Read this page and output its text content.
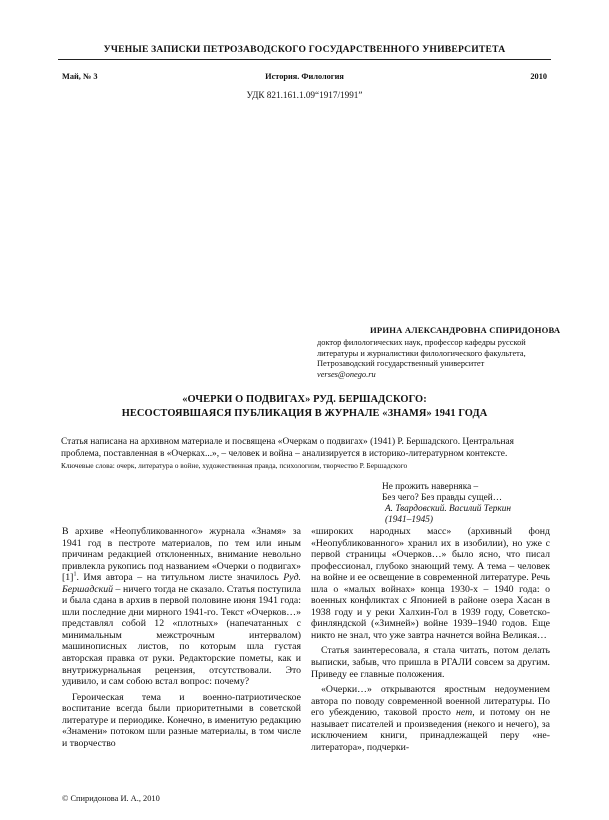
УЧЕНЫЕ ЗАПИСКИ ПЕТРОЗАВОДСКОГО ГОСУДАРСТВЕННОГО УНИВЕРСИТЕТА
Май, № 3	История. Филология	2010
УДК 821.161.1.09“1917/1991”
ИРИНА АЛЕКСАНДРОВНА СПИРИДОНОВА
доктор филологических наук, профессор кафедры русской
литературы и журналистики филологического факультета,
Петрозаводский государственный университет
verses@onego.ru
«ОЧЕРКИ О ПОДВИГАХ» РУД. БЕРШАДСКОГО:
НЕСОСТОЯВШАЯСЯ ПУБЛИКАЦИЯ В ЖУРНАЛЕ «ЗНАМЯ» 1941 ГОДА
Статья написана на архивном материале и посвящена «Очеркам о подвигах» (1941) Р. Бершадского. Центральная проблема, поставленная в «Очерках...», – человек и война – анализируется в историко-литературном контексте.
Ключевые слова: очерк, литература о войне, художественная правда, психологизм, творчество Р. Бершадского
Не прожить наверняка –
Без чего? Без правды сущей…
А. Твардовский. Василий Теркин
(1941–1945)

В архиве «Неопубликованного» журнала «Знамя» за 1941 год в пестроте материалов, по тем или иным причинам редакцией отклоненных, внимание невольно привлекла рукопись под названием «Очерки о подвигах» $[1]^1$. Имя автора – на титульном листе значилось Руд. Бершадский – ничего тогда не сказало. Статья поступила и была сдана в архив в первой половине июня 1941 года: шли последние дни мирного 1941-го. Текст «Очерков…» представлял собой 12 «плотных» (напечатанных с минимальным межстрочным интервалом) машинописных листов, по которым шла густая авторская правка от руки. Редакторские пометы, как и внутрижурнальная рецензия, отсутствовали. Это удивило, и сам собою встал вопрос: почему?

Героическая тема и военно-патриотическое воспитание всегда были приоритетными в советской литературе и периодике. Конечно, в именитую редакцию «Знамени» потоком шли разные материалы, в том числе и творчество

«широких народных масс» (архивный фонд «Неопубликованного» хранил их в изобилии), но уже с первой страницы «Очерков…» было ясно, что писал профессионал, глубоко знающий тему. А тема – человек на войне и ее освещение в современной литературе. Речь шла о «малых войнах» конца 1930-х – 1940 года: о военных конфликтах с Японией в районе озера Хасан в 1938 году и у реки Халхин-Гол в 1939 году, Советско-финляндской («Зимней») войне 1939–1940 годов. Еще никто не знал, что уже завтра начнется война Великая…

Статья заинтересовала, я стала читать, потом делать выписки, забыв, что пришла в РГАЛИ совсем за другим. Приведу ее главные положения.

«Очерки…» открываются яростным недоумением автора по поводу современной военной литературы. По его убеждению, таковой просто нет, и потому он не называет писателей и произведения (некого и нечего), за исключением книги, принадлежащей перу «не-литератора», подчерки-

© Спиридонова И. А., 2010
